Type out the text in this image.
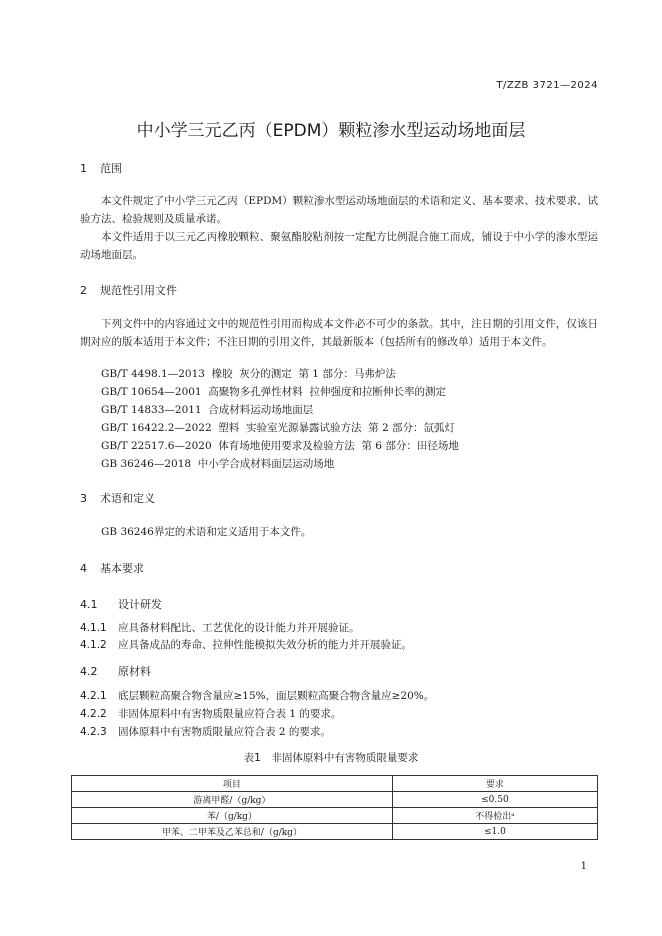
T/ZZB 3721—2024
中小学三元乙丙（EPDM）颗粒渗水型运动场地面层
1 范围

本文件规定了中小学三元乙丙（EPDM）颗粒渗水型运动场地面层的术语和定义、基本要求、技术要求、试验方法、检验规则及质量承诺。

本文件适用于以三元乙丙橡胶颗粒、聚氨酯胶粘剂按一定配方比例混合施工而成，铺设于中小学的渗水型运动场地面层。

2 规范性引用文件

下列文件中的内容通过文中的规范性引用而构成本文件必不可少的条款。其中，注日期的引用文件，仅该日期对应的版本适用于本文件；不注日期的引用文件，其最新版本（包括所有的修改单）适用于本文件。

GB/T 4498.1—2013  橡胶  灰分的测定  第 1 部分：马弗炉法
GB/T 10654—2001  高聚物多孔弹性材料  拉伸强度和拉断伸长率的测定
GB/T 14833—2011  合成材料运动场地面层
GB/T 16422.2—2022  塑料  实验室光源暴露试验方法  第 2 部分：氙弧灯
GB/T 22517.6—2020  体育场地使用要求及检验方法  第 6 部分：田径场地
GB 36246—2018  中小学合成材料面层运动场地
3 术语和定义
GB 36246界定的术语和定义适用于本文件。
4 基本要求
4.1 设计研发
4.1.1 应具备材料配比、工艺优化的设计能力并开展验证。
4.1.2 应具备成品的寿命、拉伸性能模拟失效分析的能力并开展验证。
4.2 原材料
4.2.1 底层颗粒高聚合物含量应≥15%，面层颗粒高聚合物含量应≥20%。
4.2.2 非固体原料中有害物质限量应符合表 1 的要求。
4.2.3 固体原料中有害物质限量应符合表 2 的要求。
表1　非固体原料中有害物质限量要求
项目	要求
游离甲醛/（g/kg）	≤0.50
苯/（g/kg）	不得检出ᵃ
甲苯、二甲苯及乙苯总和/（g/kg）	≤1.0
1
